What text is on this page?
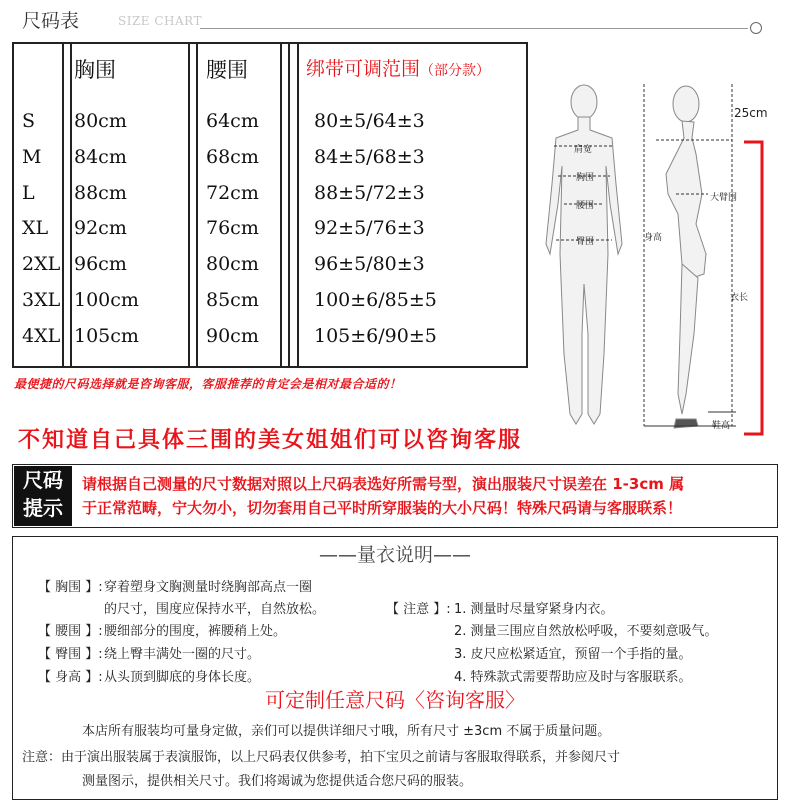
尺码表	SIZE CHART
胸围	腰围	绑带可调范围（部分款）
S 80cm	64cm	80±5/64±3
M 84cm	68cm	84±5/68±3
L 88cm	72cm	88±5/72±3
XL 92cm	76cm	92±5/76±3
2XL 96cm	80cm	96±5/80±3
3XL 100cm	85cm	100±6/85±5
4XL 105cm	90cm	105±6/90±5
肩宽
胸围
腰围
臀围	身高
25cm
大臂围
衣长
鞋高
最便捷的尺码选择就是咨询客服，客服推荐的肯定会是相对最合适的！
不知道自己具体三围的美女姐姐们可以咨询客服
尺码
提示
请根据自己测量的尺寸数据对照以上尺码表选好所需号型，演出服装尺寸误差在 1-3cm 属
于正常范畴，宁大勿小，切勿套用自己平时所穿服装的大小尺码！特殊尺码请与客服联系！
——量衣说明——
【 胸围 】: 穿着塑身文胸测量时绕胸部高点一圈
的尺寸，围度应保持水平，自然放松。
【 腰围 】: 腰细部分的围度，裤腰稍上处。
【 臀围 】: 绕上臀丰满处一圈的尺寸。
【 身高 】: 从头顶到脚底的身体长度。
【 注意 】: 1. 测量时尽量穿紧身内衣。
2. 测量三围应自然放松呼吸，不要刻意吸气。
3. 皮尺应松紧适宜，预留一个手指的量。
4. 特殊款式需要帮助应及时与客服联系。
可定制任意尺码〈咨询客服〉
本店所有服装均可量身定做，亲们可以提供详细尺寸哦，所有尺寸 ±3cm 不属于质量问题。
注意：由于演出服装属于表演服饰，以上尺码表仅供参考，拍下宝贝之前请与客服取得联系，并参阅尺寸
测量图示，提供相关尺寸。我们将竭诚为您提供适合您尺码的服装。
